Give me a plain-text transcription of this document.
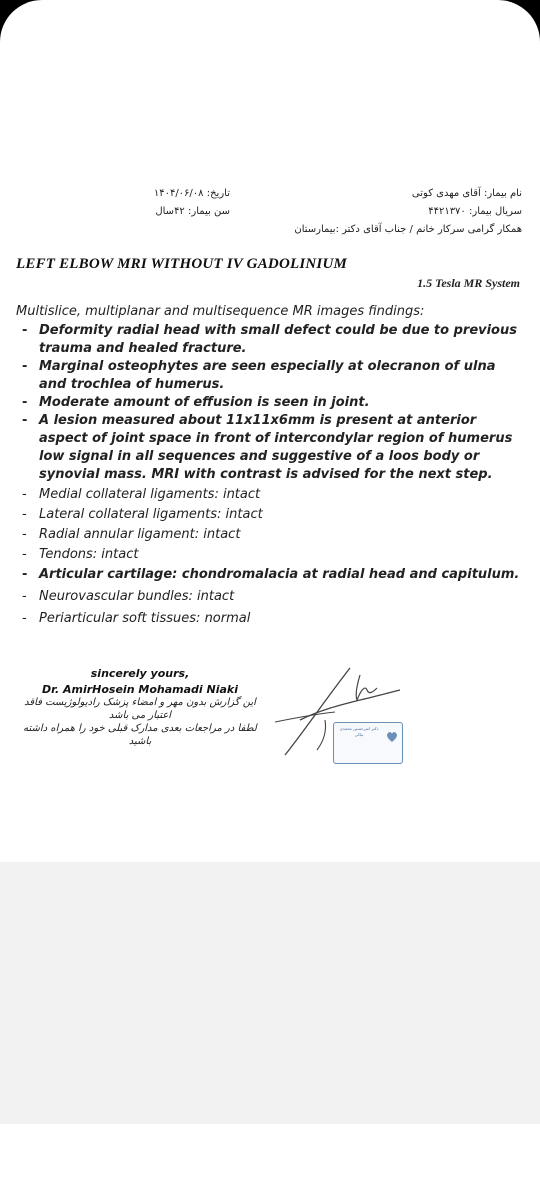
نام بیمار: آقای مهدی کوتی
سریال بیمار: ۴۴۲۱۳۷۰
همکار گرامی سرکار خانم / جناب آقای دکتر :بیمارستان
تاریخ: ۱۴۰۴/۰۶/۰۸
سن بیمار: ۴۲سال
LEFT ELBOW MRI WITHOUT IV GADOLINIUM
1.5 Tesla MR System
Multislice, multiplanar and multisequence MR images findings:
- Deformity radial head with small defect could be due to previous trauma and healed fracture.
- Marginal osteophytes are seen especially at olecranon of ulna and trochlea of humerus.
- Moderate amount of effusion is seen in joint.
- A lesion measured about 11x11x6mm is present at anterior aspect of joint space in front of intercondylar region of humerus low signal in all sequences and suggestive of a loos body or synovial mass. MRI with contrast is advised for the next step.
- Medial collateral ligaments: intact
- Lateral collateral ligaments: intact
- Radial annular ligament: intact
- Tendons: intact
- Articular cartilage: chondromalacia at radial head and capitulum.
- Neurovascular bundles: intact
- Periarticular soft tissues: normal
sincerely yours,
Dr. AmirHosein Mohamadi Niaki
این گزارش بدون مهر و امضاء پزشک رادیولوژیست فاقد اعتبار می باشد
لطفا در مراجعات بعدی مدارک قبلی خود را همراه داشته باشید
دکتر امیرحسین محمدی نیاکی
